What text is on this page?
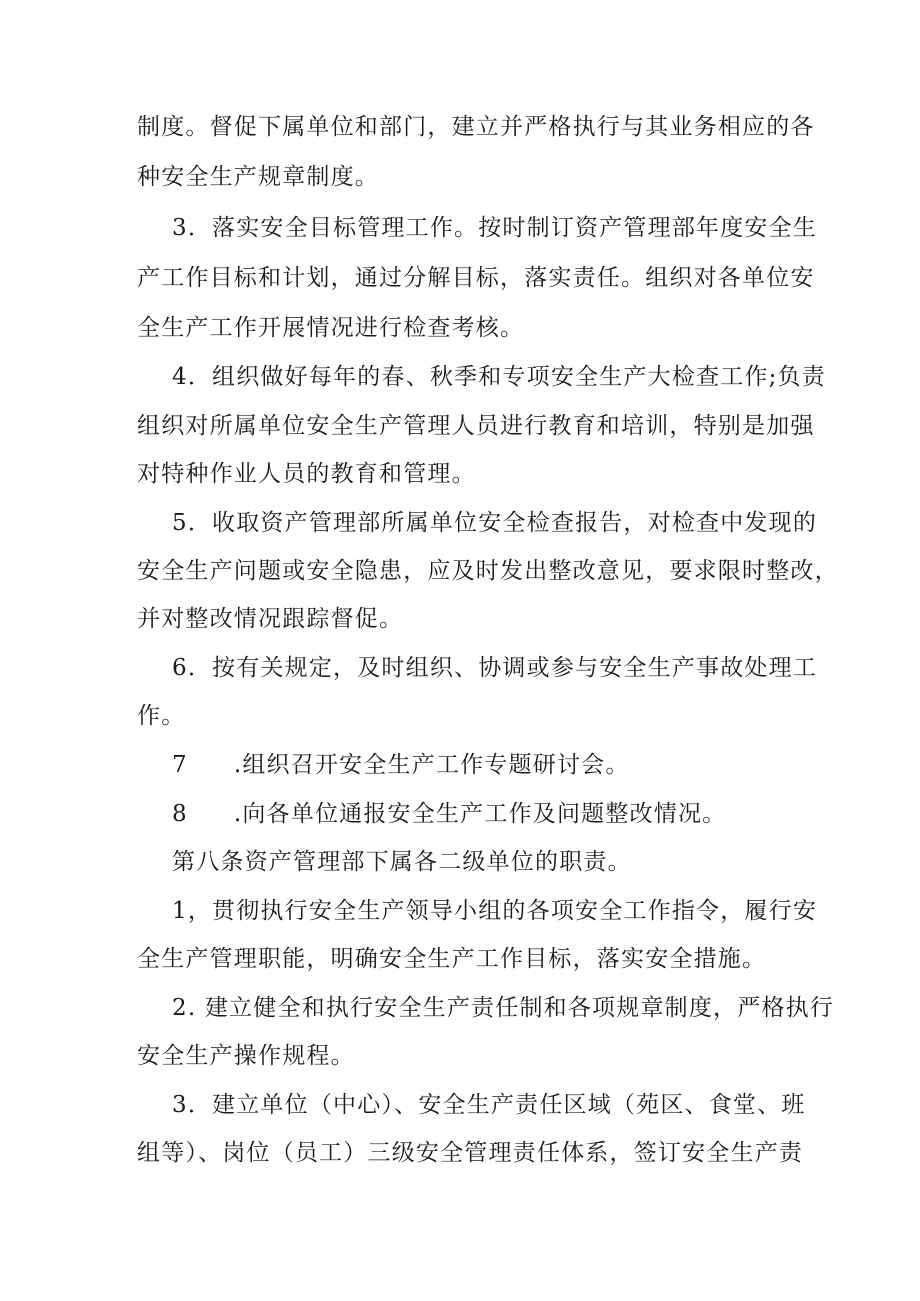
制度。督促下属单位和部门，建立并严格执行与其业务相应的各
种安全生产规章制度。
3．落实安全目标管理工作。按时制订资产管理部年度安全生
产工作目标和计划，通过分解目标，落实责任。组织对各单位安
全生产工作开展情况进行检查考核。
4．组织做好每年的春、秋季和专项安全生产大检查工作;负责
组织对所属单位安全生产管理人员进行教育和培训，特别是加强
对特种作业人员的教育和管理。
5．收取资产管理部所属单位安全检查报告，对检查中发现的
安全生产问题或安全隐患，应及时发出整改意见，要求限时整改，
并对整改情况跟踪督促。
6．按有关规定，及时组织、协调或参与安全生产事故处理工
作。
7 .组织召开安全生产工作专题研讨会。
8 .向各单位通报安全生产工作及问题整改情况。
第八条资产管理部下属各二级单位的职责。
1，贯彻执行安全生产领导小组的各项安全工作指令，履行安
全生产管理职能，明确安全生产工作目标，落实安全措施。
2. 建立健全和执行安全生产责任制和各项规章制度，严格执行
安全生产操作规程。
3．建立单位（中心）、安全生产责任区域（苑区、食堂、班
组等）、岗位（员工）三级安全管理责任体系，签订安全生产责
